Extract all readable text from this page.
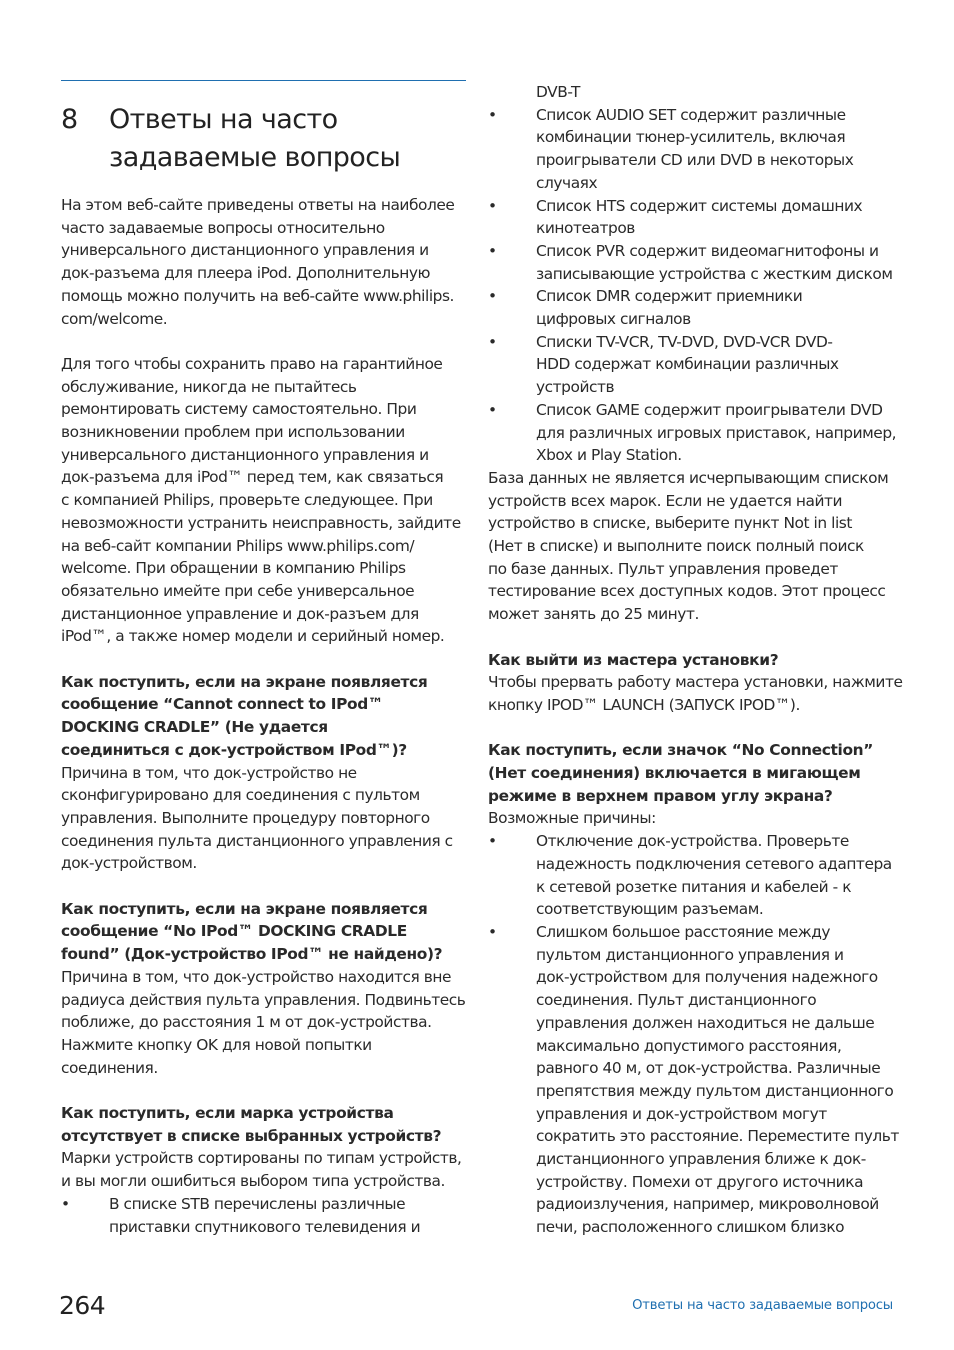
8	Ответы на часто
задаваемые вопросы

На этом веб-сайте приведены ответы на наиболее
часто задаваемые вопросы относительно
универсального дистанционного управления и
док-разъема для плеера iPod. Дополнительную
помощь можно получить на веб-сайте www.philips.
com/welcome.

Для того чтобы сохранить право на гарантийное
обслуживание, никогда не пытайтесь
ремонтировать систему самостоятельно. При
возникновении проблем при использовании
универсального дистанционного управления и
док-разъема для iPod™ перед тем, как связаться
с компанией Philips, проверьте следующее. При
невозможности устранить неисправность, зайдите
на веб-сайт компании Philips www.philips.com/
welcome. При обращении в компанию Philips
обязательно имейте при себе универсальное
дистанционное управление и док-разъем для
iPod™, а также номер модели и серийный номер.

Как поступить, если на экране появляется
сообщение “Cannot connect to IPod™
DOCKING CRADLE” (Не удается
соединиться с док-устройством IPod™)?

Причина в том, что док-устройство не
сконфигурировано для соединения с пультом
управления. Выполните процедуру повторного
соединения пульта дистанционного управления с
док-устройством.

Как поступить, если на экране появляется
сообщение “No IPod™ DOCKING CRADLE
found” (Док-устройство IPod™ не найдено)?

Причина в том, что док-устройство находится вне
радиуса действия пульта управления. Подвиньтесь
поближе, до расстояния 1 м от док-устройства.
Нажмите кнопку OK для новой попытки
соединения.

Как поступить, если марка устройства
отсутствует в списке выбранных устройств?

Марки устройств сортированы по типам устройств,
и вы могли ошибиться выбором типа устройства.

•	В списке STB перечислены различные
приставки спутникового телевидения и
DVB-T
•	Список AUDIO SET содержит различные
комбинации тюнер-усилитель, включая
проигрыватели CD или DVD в некоторых
случаях
•	Список HTS содержит системы домашних
кинотеатров
•	Список PVR содержит видеомагнитофоны и
записывающие устройства с жестким диском
•	Список DMR содержит приемники
цифровых сигналов
•	Списки TV-VCR, TV-DVD, DVD-VCR DVD-
HDD содержат комбинации различных
устройств
•	Список GAME содержит проигрыватели DVD
для различных игровых приставок, например,
Xbox и Play Station.

База данных не является исчерпывающим списком
устройств всех марок. Если не удается найти
устройство в списке, выберите пункт Not in list
(Нет в списке) и выполните поиск полный поиск
по базе данных. Пульт управления проведет
тестирование всех доступных кодов. Этот процесс
может занять до 25 минут.

Как выйти из мастера установки?

Чтобы прервать работу мастера установки, нажмите
кнопку IPOD™ LAUNCH (ЗАПУСК IPOD™).

Как поступить, если значок “No Connection”
(Нет соединения) включается в мигающем
режиме в верхнем правом углу экрана?

Возможные причины:

•	Отключение док-устройства. Проверьте
надежность подключения сетевого адаптера
к сетевой розетке питания и кабелей - к
соответствующим разъемам.
•	Слишком большое расстояние между
пультом дистанционного управления и
док-устройством для получения надежного
соединения. Пульт дистанционного
управления должен находиться не дальше
максимально допустимого расстояния,
равного 40 м, от док-устройства. Различные
препятствия между пультом дистанционного
управления и док-устройством могут
сократить это расстояние. Переместите пульт
дистанционного управления ближе к док-
устройству. Помехи от другого источника
радиоизлучения, например, микроволновой
печи, расположенного слишком близко
264	Ответы на часто задаваемые вопросы
